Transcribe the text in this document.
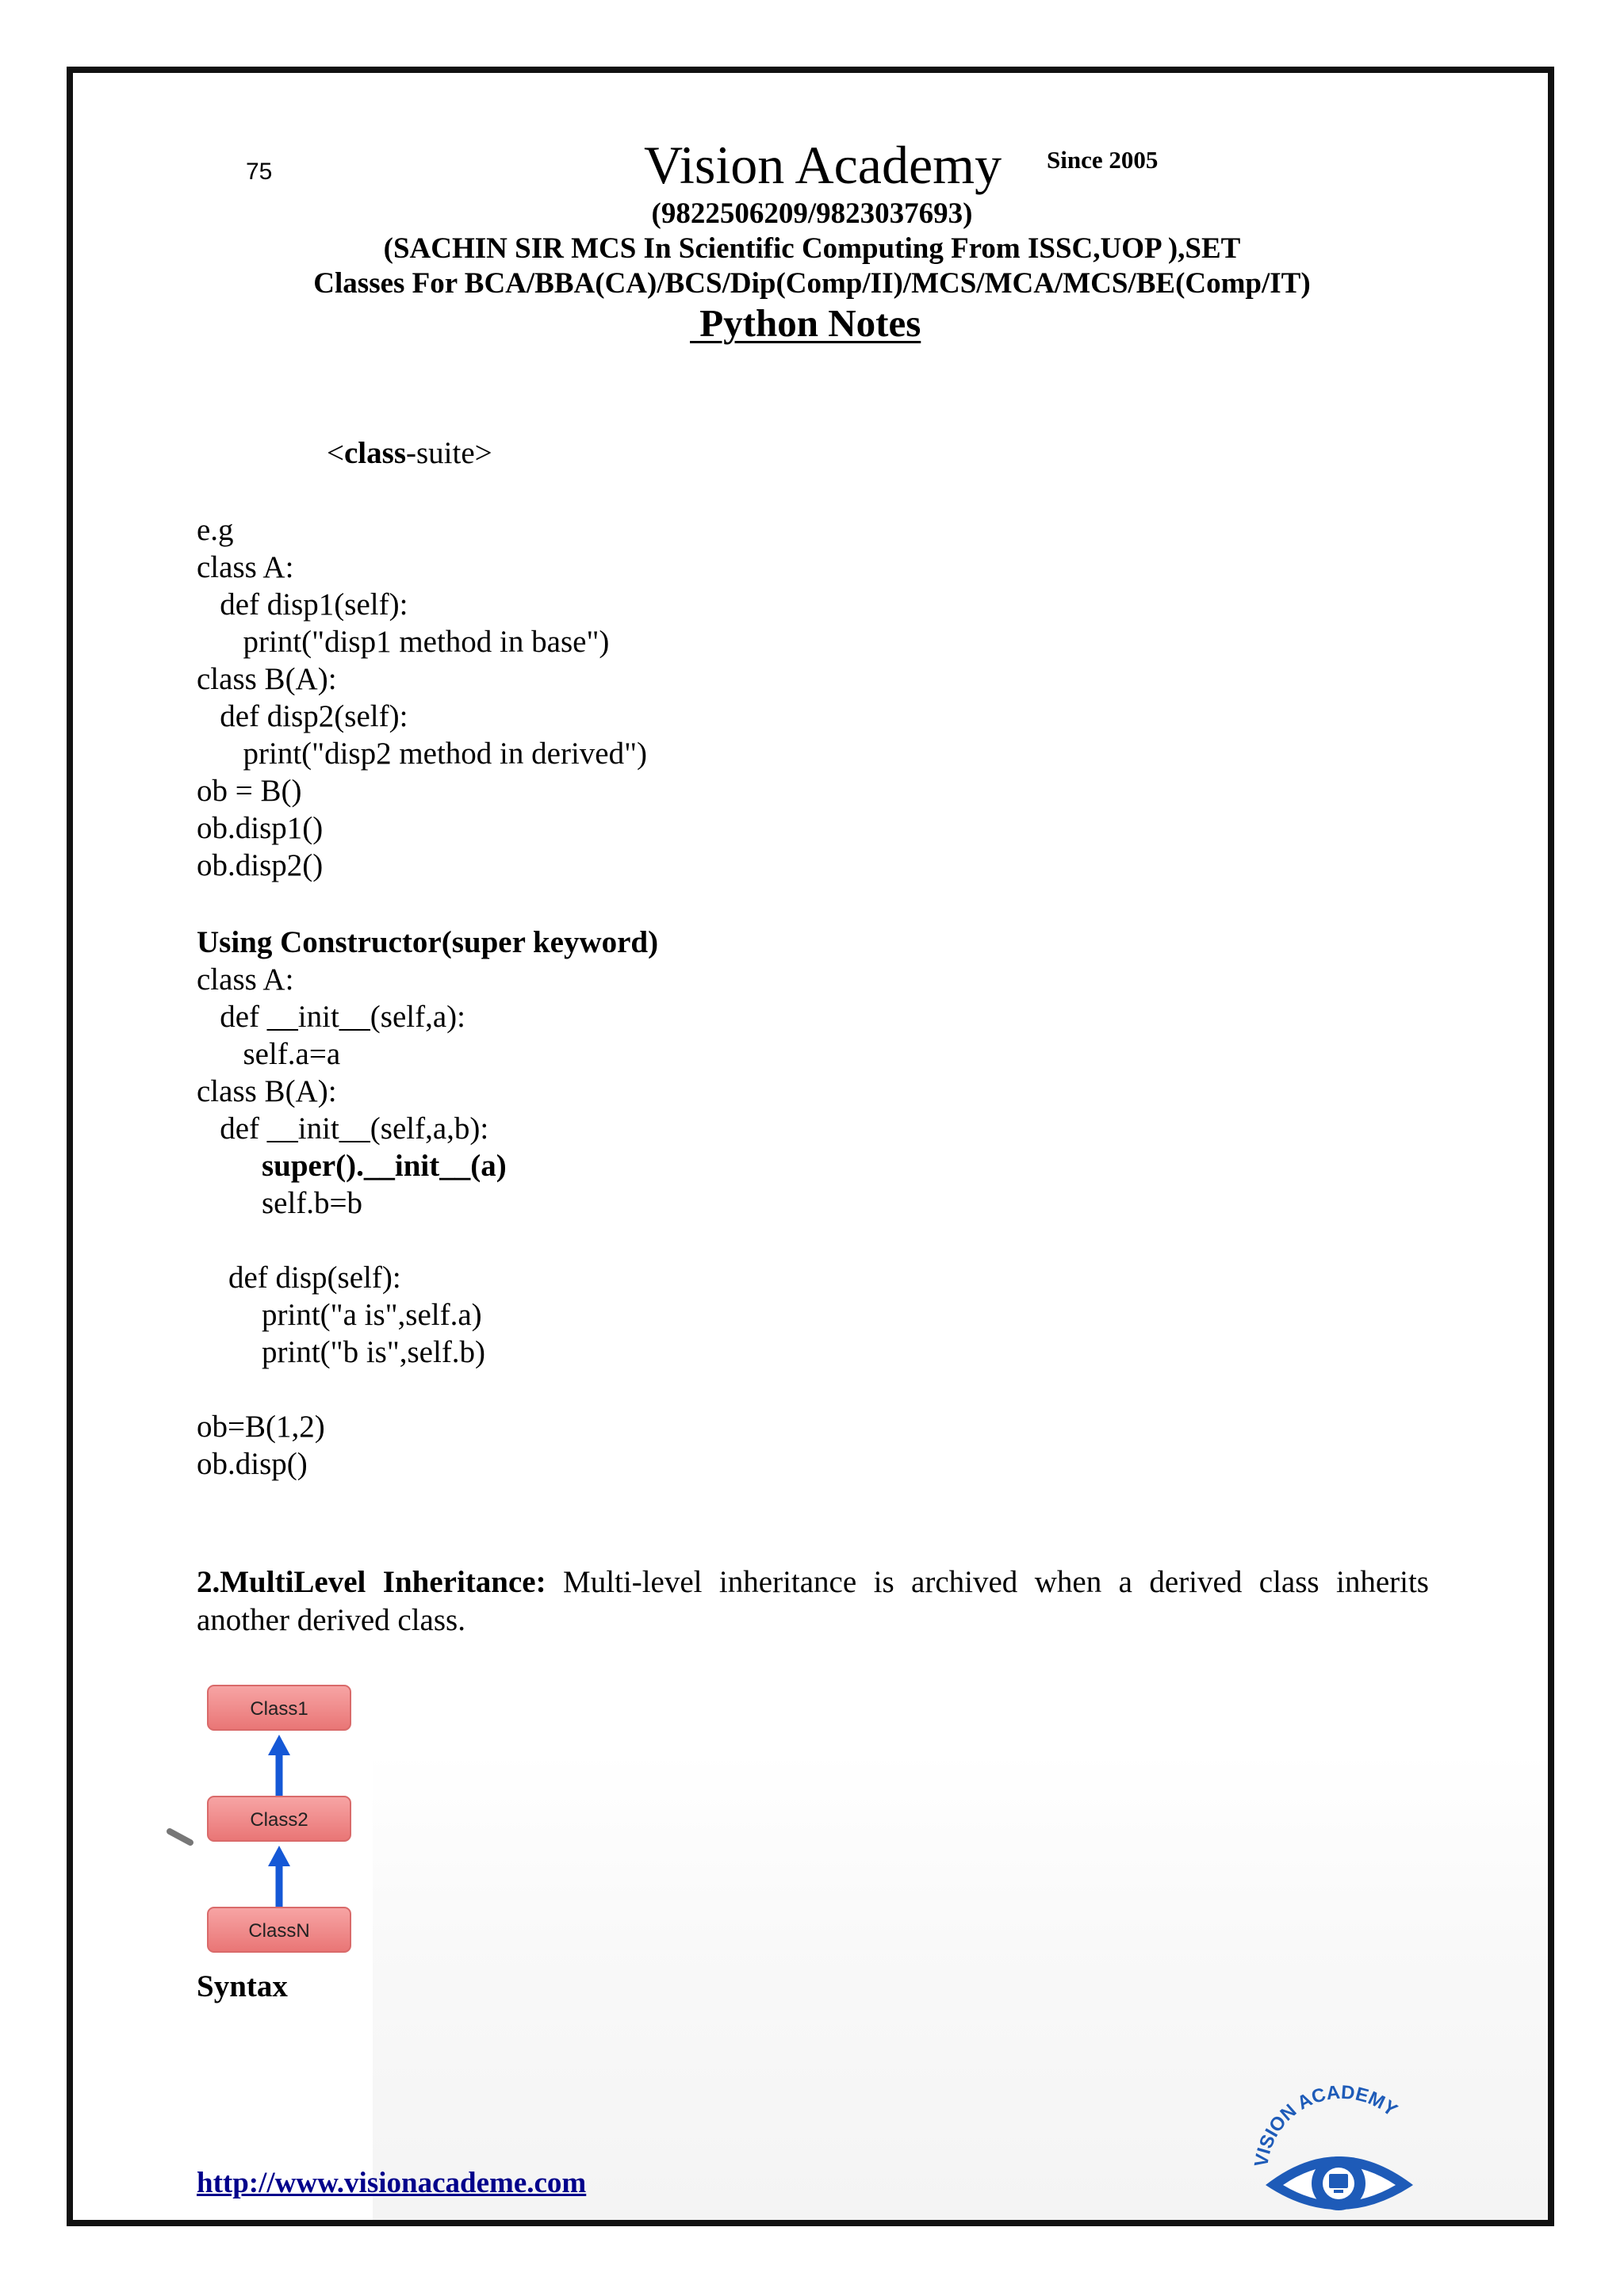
75	Vision Academy Since 2005
(9822506209/9823037693)
(SACHIN SIR MCS In Scientific Computing From ISSC,UOP ),SET
Classes For BCA/BBA(CA)/BCS/Dip(Comp/II)/MCS/MCA/MCS/BE(Comp/IT)
Python Notes
<class-suite>
e.g
class A:
def disp1(self):
print("disp1 method in base")
class B(A):
def disp2(self):
print("disp2 method in derived")
ob = B()
ob.disp1()
ob.disp2()
Using Constructor(super keyword)
class A:
def __init__(self,a):
self.a=a
class B(A):
def __init__(self,a,b):
super().__init__(a)
self.b=b
def disp(self):
print("a is",self.a)
print("b is",self.b)
ob=B(1,2)
ob.disp()
2.MultiLevel Inheritance: Multi-level inheritance is archived when a derived class inherits another derived class.
Class1
Class2
ClassN
Syntax
VISION ACADEMY
http://www.visionacademe.com
